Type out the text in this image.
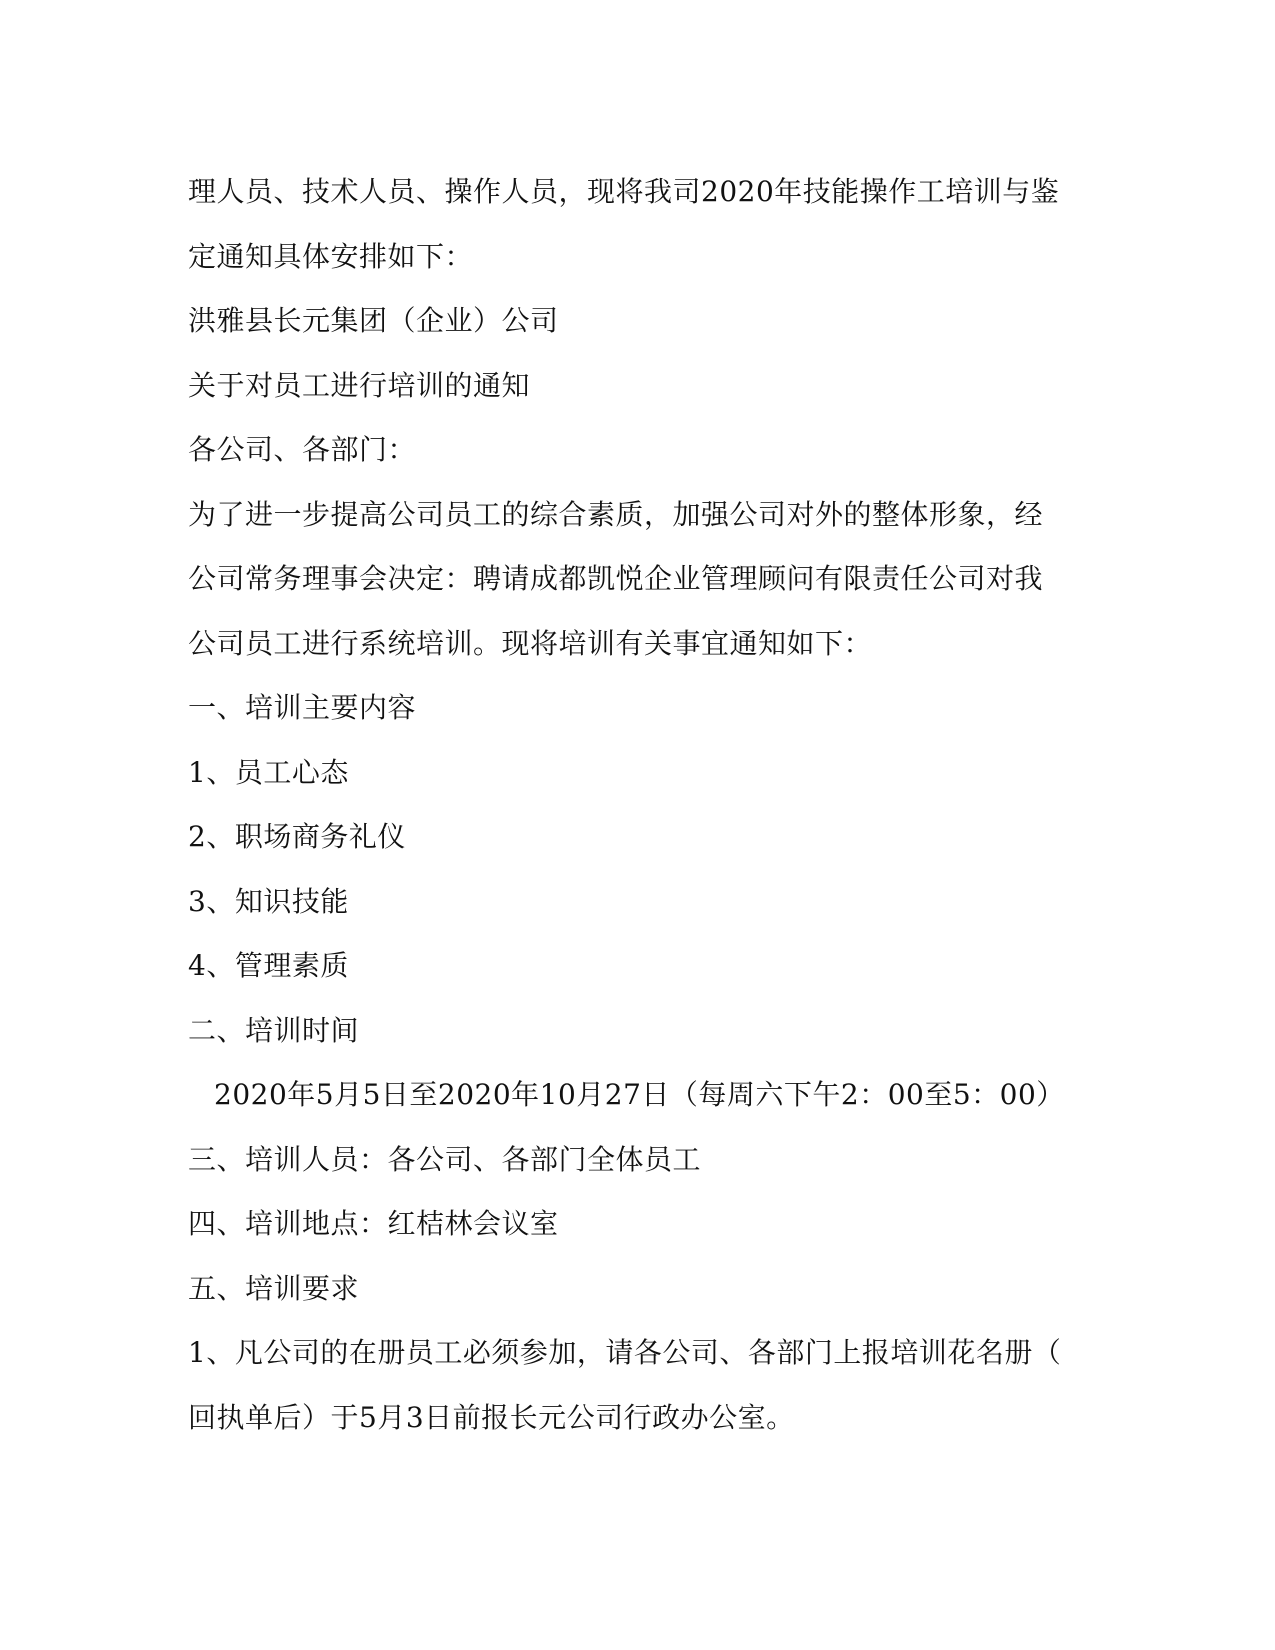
理人员、技术人员、操作人员，现将我司2020年技能操作工培训与鉴
定通知具体安排如下：
洪雅县长元集团（企业）公司
关于对员工进行培训的通知
各公司、各部门：
为了进一步提高公司员工的综合素质，加强公司对外的整体形象，经
公司常务理事会决定：聘请成都凯悦企业管理顾问有限责任公司对我
公司员工进行系统培训。现将培训有关事宜通知如下：
一、培训主要内容
1、员工心态
2、职场商务礼仪
3、知识技能
4、管理素质
二、培训时间
2020年5月5日至2020年10月27日（每周六下午2：00至5：00）
三、培训人员：各公司、各部门全体员工
四、培训地点：红桔林会议室
五、培训要求
1、凡公司的在册员工必须参加，请各公司、各部门上报培训花名册（
回执单后）于5月3日前报长元公司行政办公室。
